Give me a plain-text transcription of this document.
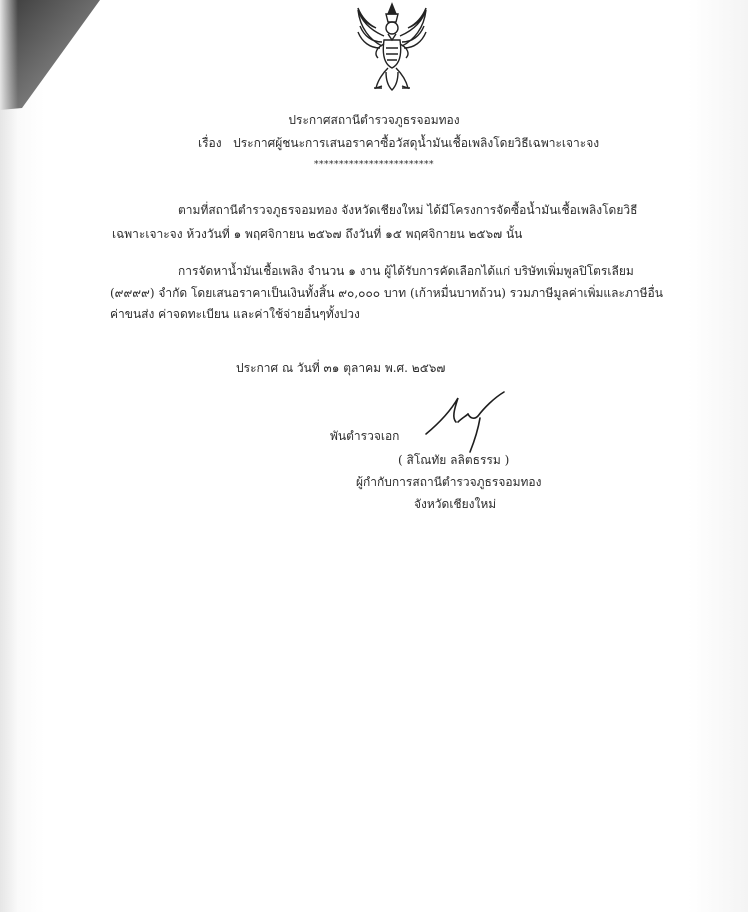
ประกาศสถานีตำรวจภูธรจอมทอง
เรื่อง ประกาศผู้ชนะการเสนอราคาซื้อวัสดุน้ำมันเชื้อเพลิงโดยวิธีเฉพาะเจาะจง
************************
ตามที่สถานีตำรวจภูธรจอมทอง จังหวัดเชียงใหม่ ได้มีโครงการจัดซื้อน้ำมันเชื้อเพลิงโดยวิธี
เฉพาะเจาะจง ห้วงวันที่ ๑ พฤศจิกายน ๒๕๖๗ ถึงวันที่ ๑๕ พฤศจิกายน ๒๕๖๗ นั้น
การจัดหาน้ำมันเชื้อเพลิง จำนวน ๑ งาน ผู้ได้รับการคัดเลือกได้แก่ บริษัทเพิ่มพูลปิโตรเลียม
(๙๙๙๙) จำกัด โดยเสนอราคาเป็นเงินทั้งสิ้น ๙๐,๐๐๐ บาท (เก้าหมื่นบาทถ้วน) รวมภาษีมูลค่าเพิ่มและภาษีอื่น
ค่าขนส่ง ค่าจดทะเบียน และค่าใช้จ่ายอื่นๆทั้งปวง
ประกาศ ณ วันที่ ๓๑ ตุลาคม พ.ศ. ๒๕๖๗
พันตำรวจเอก
( สิโณทัย ลลิตธรรม )
ผู้กำกับการสถานีตำรวจภูธรจอมทอง
จังหวัดเชียงใหม่
